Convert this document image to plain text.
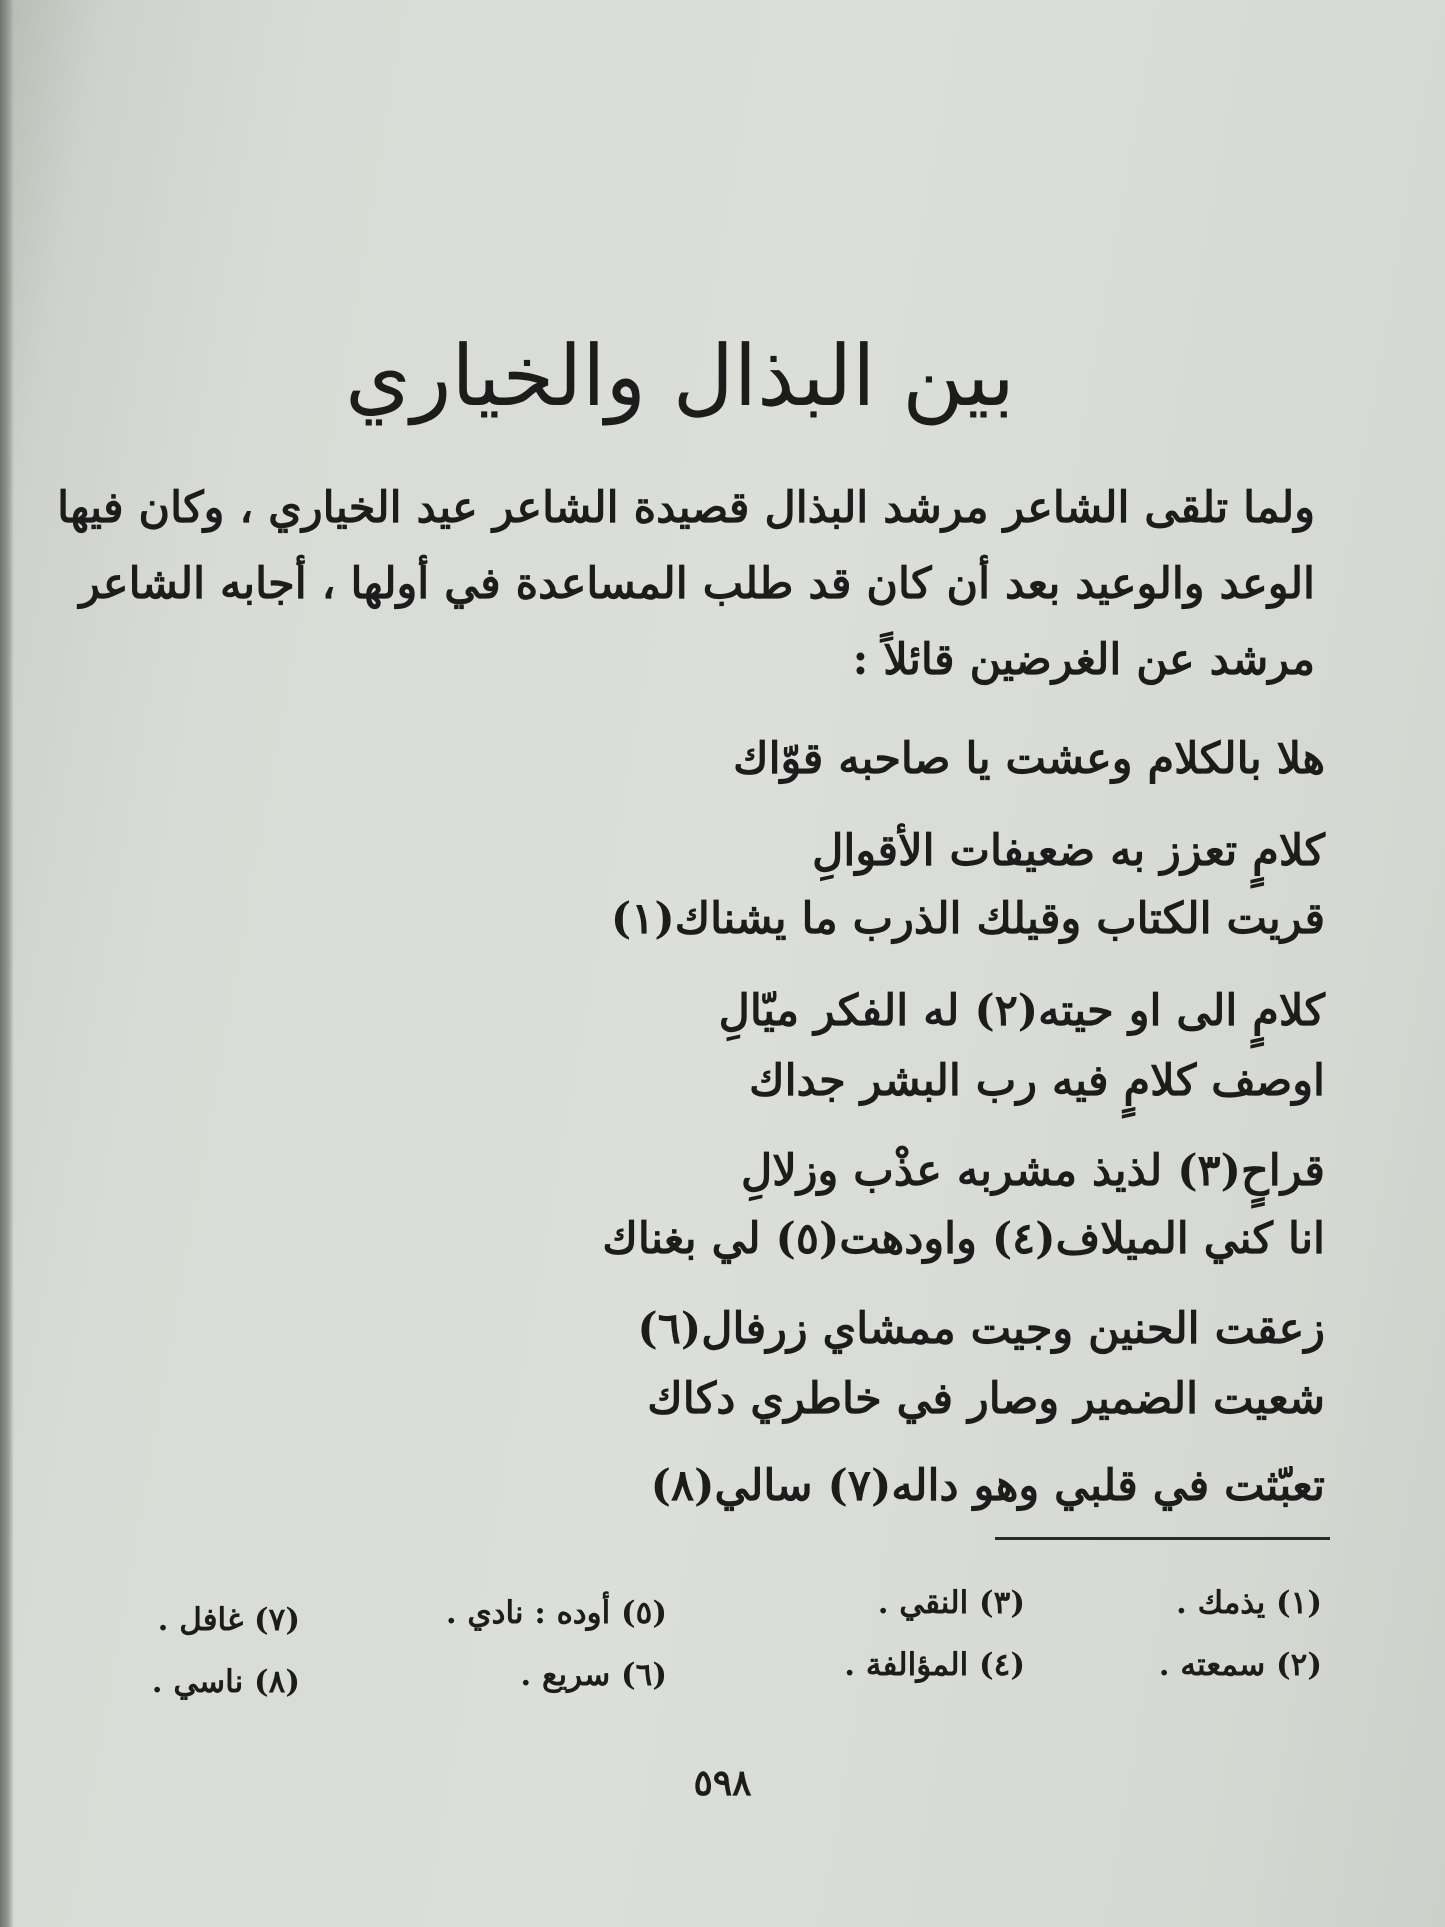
بين البذال والخياري
ولما تلقى الشاعر مرشد البذال قصيدة الشاعر عيد الخياري ، وكان فيها
الوعد والوعيد بعد أن كان قد طلب المساعدة في أولها ، أجابه الشاعر
مرشد عن الغرضين قائلاً :
هلا بالكلام وعشت يا صاحبه قوّاك
كلامٍ تعزز به ضعيفات الأقوالِ
قريت الكتاب وقيلك الذرب ما يشناك(١)
كلامٍ الى او حيته(٢) له الفكر ميّالِ
اوصف كلامٍ فيه رب البشر جداك
قراحٍ(٣) لذيذ مشربه عذْب وزلالِ
انا كني الميلاف(٤) واودهت(٥) لي بغناك
زعقت الحنين وجيت ممشاي زرفال(٦)
شعيت الضمير وصار في خاطري دكاك
تعبّثت في قلبي وهو داله(٧) سالي(٨)
(١) يذمك .
(٢) سمعته .
(٣) النقي .
(٤) المؤالفة .
(٥) أوده : نادي .
(٦) سريع .
(٧) غافل .
(٨) ناسي .
٥٩٨
